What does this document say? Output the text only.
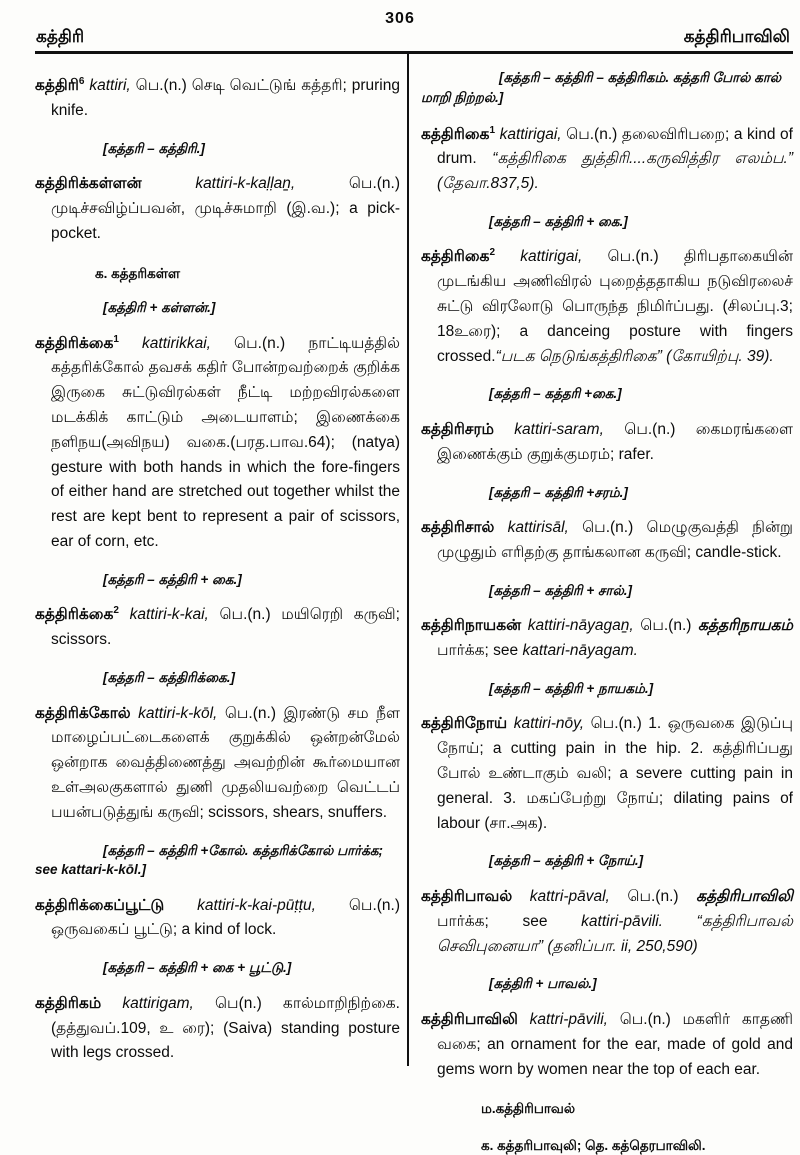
306
கத்திரி	கத்திரிபாவிலி

கத்திரி$^6$ kattiri, பெ.(n.) செடி வெட்டுங் கத்தரி; pruring knife.

[கத்தரி – கத்திரி.]

கத்திரிக்கள்ளன் kattiri-k-kaḷḷaṉ, பெ.(n.) முடிச்சவிழ்ப்பவன், முடிச்சுமாறி (இ.வ.); a pick-pocket.

க. கத்தரிகள்ள

[கத்திரி + கள்ளன்.]

கத்திரிக்கை$^1$ kattirikkai, பெ.(n.) நாட்டியத்தில் கத்தரிக்கோல் தவசக் கதிர் போன்றவற்றைக் குறிக்க இருகை சுட்டுவிரல்கள் நீட்டி மற்றவிரல்களை மடக்கிக் காட்டும் அடையாளம்; இணைக்கை நளிநய(அவிநய) வகை.(பரத.பாவ.64); (natya) gesture with both hands in which the fore-fingers of either hand are stretched out together whilst the rest are kept bent to represent a pair of scissors, ear of corn, etc.

[கத்தரி – கத்திரி + கை.]

கத்திரிக்கை$^2$ kattiri-k-kai, பெ.(n.) மயிரெறி கருவி; scissors.

[கத்தரி – கத்திரிக்கை.]

கத்திரிக்கோல் kattiri-k-kōl, பெ.(n.) இரண்டு சம நீள மாழைப்பட்டைகளைக் குறுக்கில் ஒன்றன்மேல் ஒன்றாக வைத்திணைத்து அவற்றின் கூர்மையான உள்அலகுகளால் துணி முதலியவற்றை வெட்டப் பயன்படுத்துங் கருவி; scissors, shears, snuffers.

[கத்தரி – கத்திரி +கோல். கத்தரிக்கோல் பார்க்க; see kattari-k-kōl.]

கத்திரிக்கைப்பூட்டு kattiri-k-kai-pūṭṭu, பெ.(n.) ஒருவகைப் பூட்டு; a kind of lock.

[கத்தரி – கத்திரி + கை + பூட்டு.]

கத்திரிகம் kattirigam, பெ(n.) கால்மாறிநிற்கை. (தத்துவப்.109, உ ரை); (Saiva) standing posture with legs crossed.

[கத்தரி – கத்திரி – கத்திரிகம். கத்தரி போல் கால் மாறி நிற்றல்.]

கத்திரிகை$^1$ kattirigai, பெ.(n.) தலைவிரிபறை; a kind of drum. “கத்திரிகை துத்திரி....கருவித்திர எலம்ப.” (தேவா.837,5).

[கத்தரி – கத்திரி + கை.]

கத்திரிகை$^2$ kattirigai, பெ.(n.) திரிபதாகையின் முடங்கிய அணிவிரல் புறைத்ததாகிய நடுவிரலைச் சுட்டு விரலோடு பொருந்த நிமிர்ப்பது. (சிலப்பு.3; 18உரை); a danceing posture with fingers crossed.“படக நெடுங்கத்திரிகை” (கோயிற்பு. 39).

[கத்தரி – கத்தரி +கை.]

கத்திரிசரம் kattiri-saram, பெ.(n.) கைமரங்களை இணைக்கும் குறுக்குமரம்; rafer.

[கத்தரி – கத்திரி +சரம்.]

கத்திரிசால் kattirisāl, பெ.(n.) மெழுகுவத்தி நின்று முழுதும் எரிதற்கு தாங்கலான கருவி; candle-stick.

[கத்தரி – கத்திரி + சால்.]

கத்திரிநாயகன் kattiri-nāyagaṉ, பெ.(n.) கத்தரிநாயகம் பார்க்க; see kattari-nāyagam.

[கத்தரி – கத்திரி + நாயகம்.]

கத்திரிநோய் kattiri-nōy, பெ.(n.) 1. ஒருவகை இடுப்பு நோய்; a cutting pain in the hip. 2. கத்திரிப்பது போல் உண்டாகும் வலி; a severe cutting pain in general. 3. மகப்பேற்று நோய்; dilating pains of labour (சா.அக).

[கத்தரி – கத்திரி + நோய்.]

கத்திரிபாவல் kattri-pāval, பெ.(n.) கத்திரிபாவிலி பார்க்க; see kattiri-pāvili. “கத்திரிபாவல் செவிபுனையா” (தனிப்பா. ii, 250,590)

[கத்திரி + பாவல்.]

கத்திரிபாவிலி kattri-pāvili, பெ.(n.) மகளிர் காதணி வகை; an ornament for the ear, made of gold and gems worn by women near the top of each ear.

ம.கத்திரிபாவல்

க. கத்தரிபாவுலி; தெ. கத்தெரபாவிலி.
